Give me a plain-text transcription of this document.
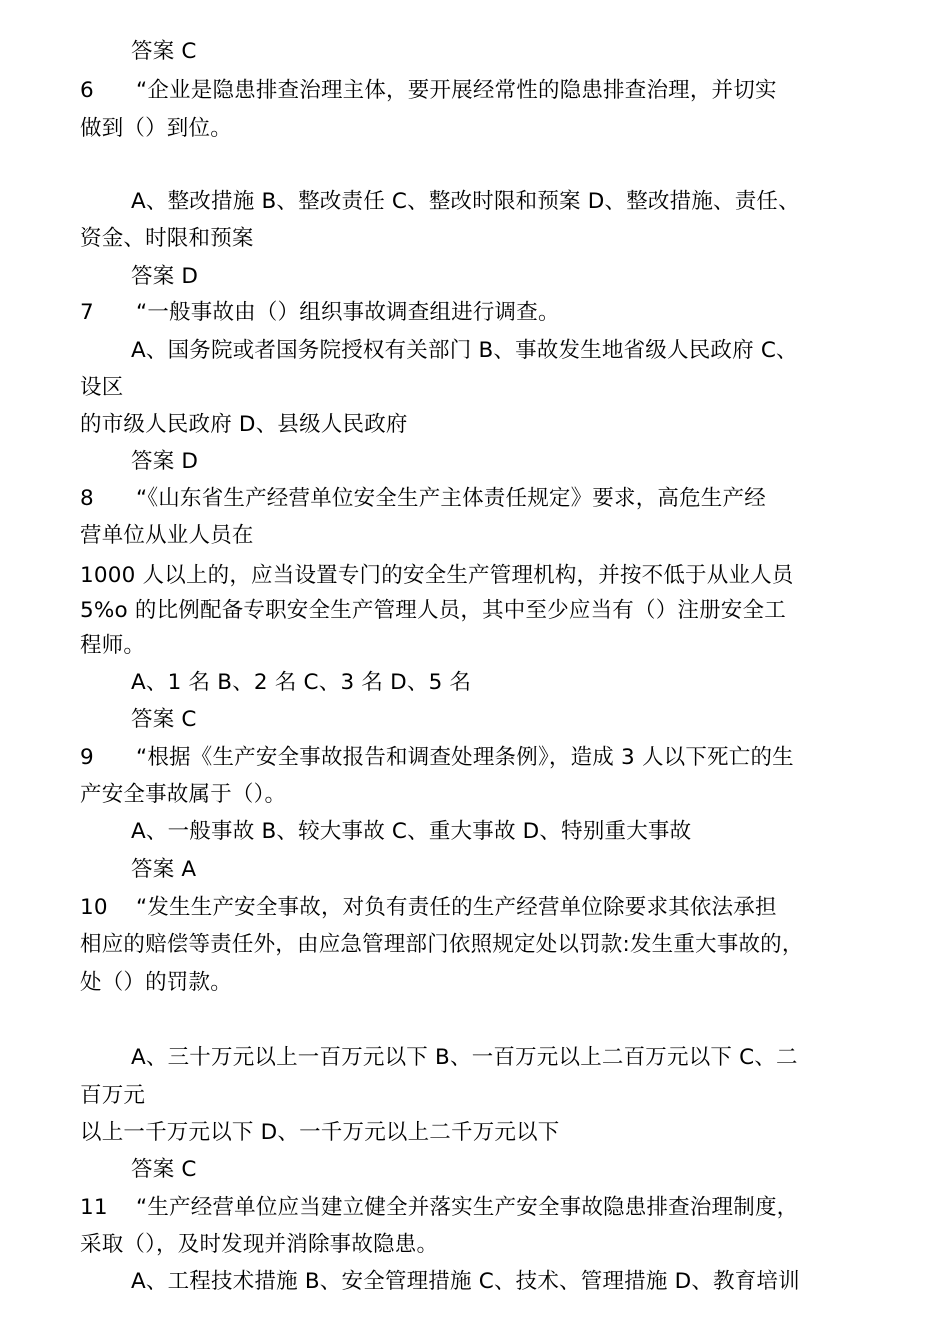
答案 C
6 “企业是隐患排查治理主体，要开展经常性的隐患排查治理，并切实
做到（）到位。
A、整改措施 B、整改责任 C、整改时限和预案 D、整改措施、责任、
资金、时限和预案
答案 D
7 “一般事故由（）组织事故调查组进行调查。
A、国务院或者国务院授权有关部门 B、事故发生地省级人民政府 C、
设区
的市级人民政府 D、县级人民政府
答案 D
8 “《山东省生产经营单位安全生产主体责任规定》要求，高危生产经
营单位从业人员在
1000 人以上的，应当设置专门的安全生产管理机构，并按不低于从业人员
5%o 的比例配备专职安全生产管理人员，其中至少应当有（）注册安全工
程师。
A、1 名 B、2 名 C、3 名 D、5 名
答案 C
9 “根据《生产安全事故报告和调查处理条例》，造成 3 人以下死亡的生
产安全事故属于（）。
A、一般事故 B、较大事故 C、重大事故 D、特别重大事故
答案 A
10 “发生生产安全事故，对负有责任的生产经营单位除要求其依法承担
相应的赔偿等责任外，由应急管理部门依照规定处以罚款:发生重大事故的，
处（）的罚款。
A、三十万元以上一百万元以下 B、一百万元以上二百万元以下 C、二
百万元
以上一千万元以下 D、一千万元以上二千万元以下
答案 C
11 “生产经营单位应当建立健全并落实生产安全事故隐患排查治理制度，
采取（），及时发现并消除事故隐患。
A、工程技术措施 B、安全管理措施 C、技术、管理措施 D、教育培训
